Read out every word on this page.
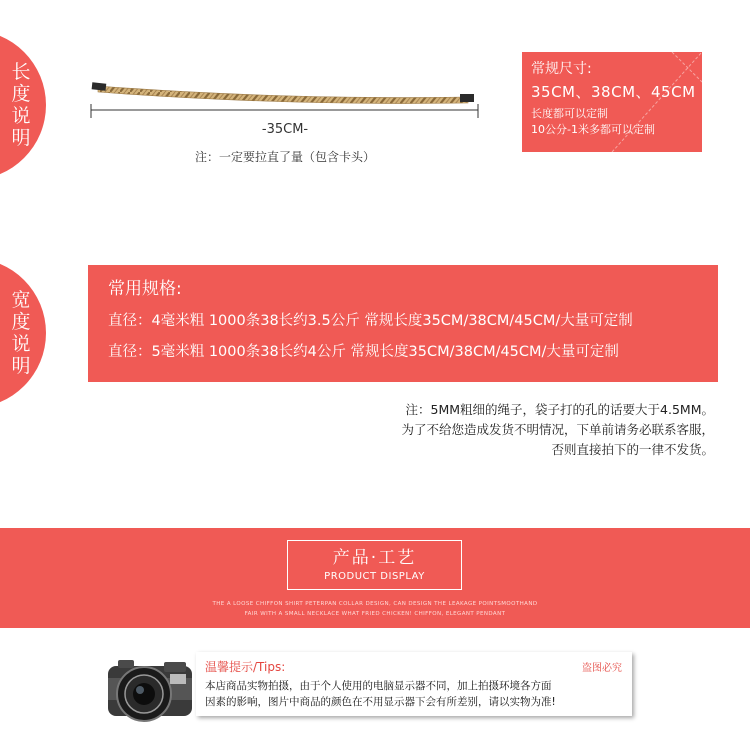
长度说明
宽度说明
-35CM-
注：一定要拉直了量（包含卡头）
常规尺寸:
35CM、38CM、45CM
长度都可以定制
10公分-1米多都可以定制
常用规格:
直径：4毫米粗 1000条38长约3.5公斤 常规长度35CM/38CM/45CM/大量可定制
直径：5毫米粗 1000条38长约4公斤 常规长度35CM/38CM/45CM/大量可定制
注：5MM粗细的绳子，袋子打的孔的话要大于4.5MM。
为了不给您造成发货不明情况，下单前请务必联系客服，
否则直接拍下的一律不发货。
产品·工艺
PRODUCT DISPLAY
THE A LOOSE CHIFFON SHIRT PETERPAN COLLAR DESIGN, CAN DESIGN THE LEAKAGE POINTSMOOTHAND
FAIR WITH A SMALL NECKLACE WHAT FRIED CHICKEN! CHIFFON, ELEGANT PENDANT
温馨提示/Tips:	盗图必究
本店商品实物拍摄，由于个人使用的电脑显示器不同，加上拍摄环境各方面
因素的影响，图片中商品的颜色在不用显示器下会有所差别，请以实物为准!
